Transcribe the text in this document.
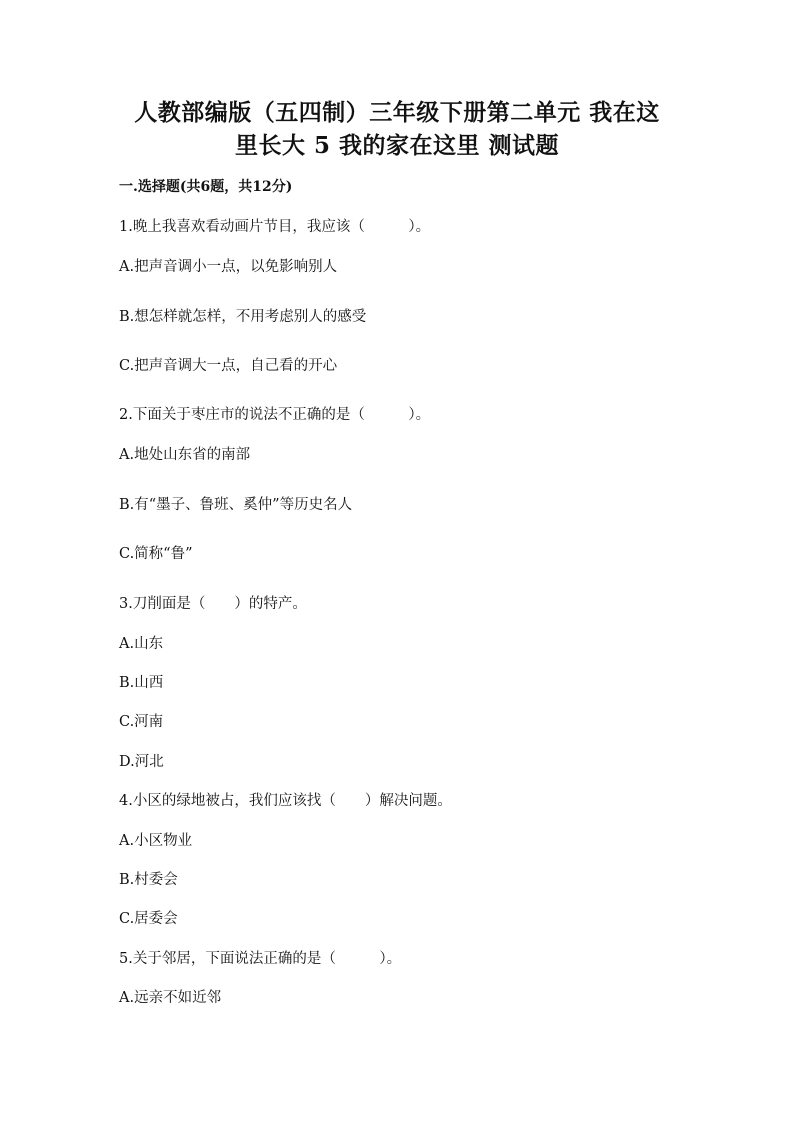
人教部编版（五四制）三年级下册第二单元 我在这
里长大 5 我的家在这里 测试题
一.选择题(共6题，共12分)
1.晚上我喜欢看动画片节目，我应该（　　　）。
A.把声音调小一点，以免影响别人
B.想怎样就怎样，不用考虑别人的感受
C.把声音调大一点，自己看的开心
2.下面关于枣庄市的说法不正确的是（　　　）。
A.地处山东省的南部
B.有“墨子、鲁班、奚仲”等历史名人
C.简称“鲁”
3.刀削面是（　　）的特产。
A.山东
B.山西
C.河南
D.河北
4.小区的绿地被占，我们应该找（　　）解决问题。
A.小区物业
B.村委会
C.居委会
5.关于邻居，下面说法正确的是（　　　）。
A.远亲不如近邻
